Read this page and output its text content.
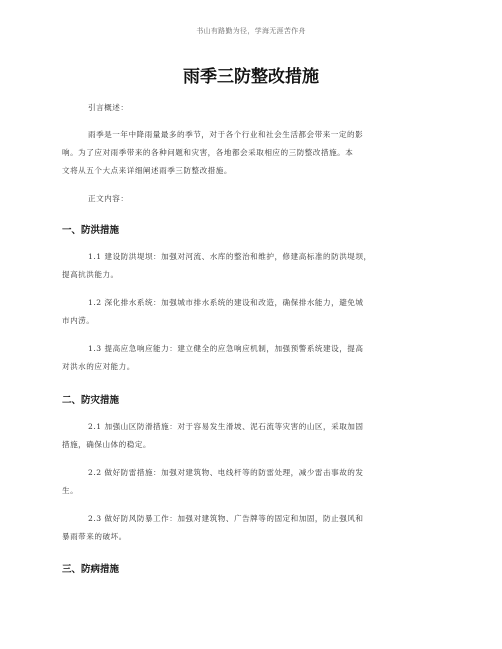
书山有路勤为径，学海无涯苦作舟
雨季三防整改措施
引言概述：
雨季是一年中降雨量最多的季节，对于各个行业和社会生活都会带来一定的影
响。为了应对雨季带来的各种问题和灾害，各地都会采取相应的三防整改措施。本
文将从五个大点来详细阐述雨季三防整改措施。
正文内容：
一、防洪措施
1.1 建设防洪堤坝：加强对河流、水库的整治和维护，修建高标准的防洪堤坝，
提高抗洪能力。
1.2 深化排水系统：加强城市排水系统的建设和改造，确保排水能力，避免城
市内涝。
1.3 提高应急响应能力：建立健全的应急响应机制，加强预警系统建设，提高
对洪水的应对能力。
二、防灾措施
2.1 加强山区防滑措施：对于容易发生滑坡、泥石流等灾害的山区，采取加固
措施，确保山体的稳定。
2.2 做好防雷措施：加强对建筑物、电线杆等的防雷处理，减少雷击事故的发
生。
2.3 做好防风防暴工作：加强对建筑物、广告牌等的固定和加固，防止强风和
暴雨带来的破坏。
三、防病措施
